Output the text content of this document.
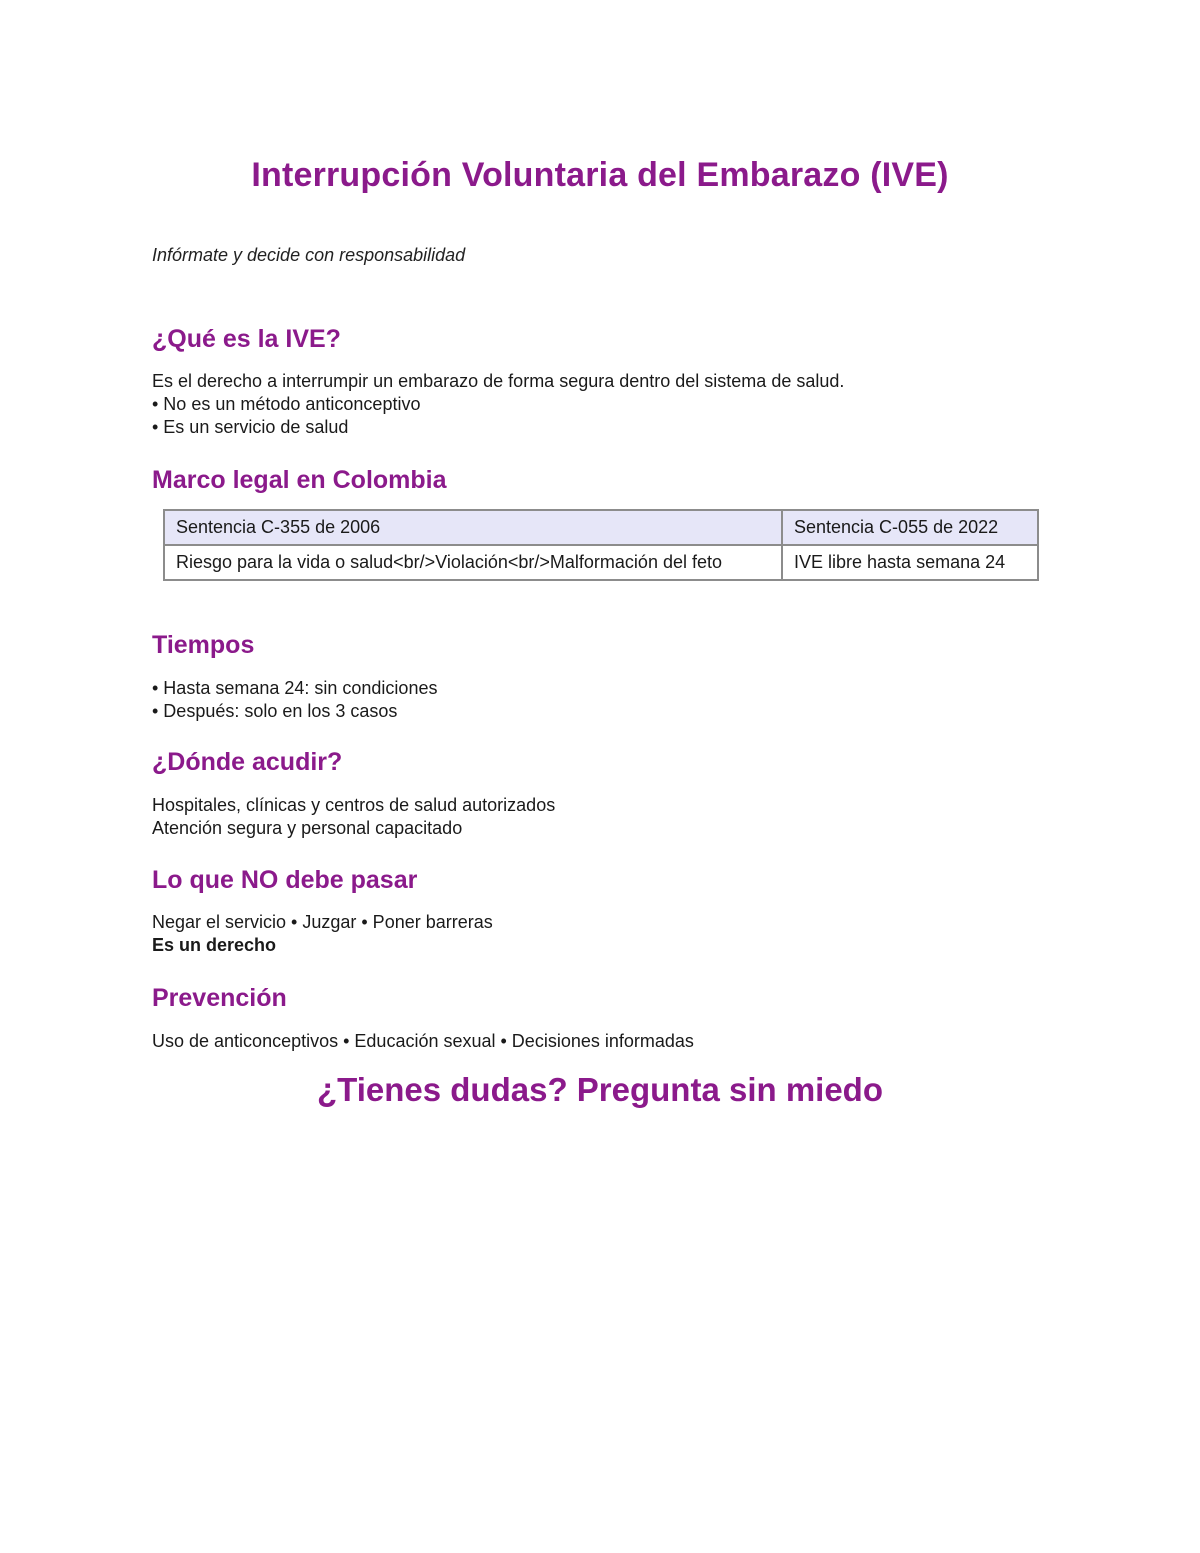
Interrupción Voluntaria del Embarazo (IVE)

Infórmate y decide con responsabilidad

¿Qué es la IVE?
Es el derecho a interrumpir un embarazo de forma segura dentro del sistema de salud.
• No es un método anticonceptivo
• Es un servicio de salud
Marco legal en Colombia
Sentencia C-355 de 2006	Sentencia C-055 de 2022
Riesgo para la vida o salud<br/>Violación<br/>Malformación del feto	IVE libre hasta semana 24
Tiempos
• Hasta semana 24: sin condiciones
• Después: solo en los 3 casos
¿Dónde acudir?
Hospitales, clínicas y centros de salud autorizados
Atención segura y personal capacitado
Lo que NO debe pasar
Negar el servicio • Juzgar • Poner barreras
Es un derecho
Prevención
Uso de anticonceptivos • Educación sexual • Decisiones informadas
¿Tienes dudas? Pregunta sin miedo
